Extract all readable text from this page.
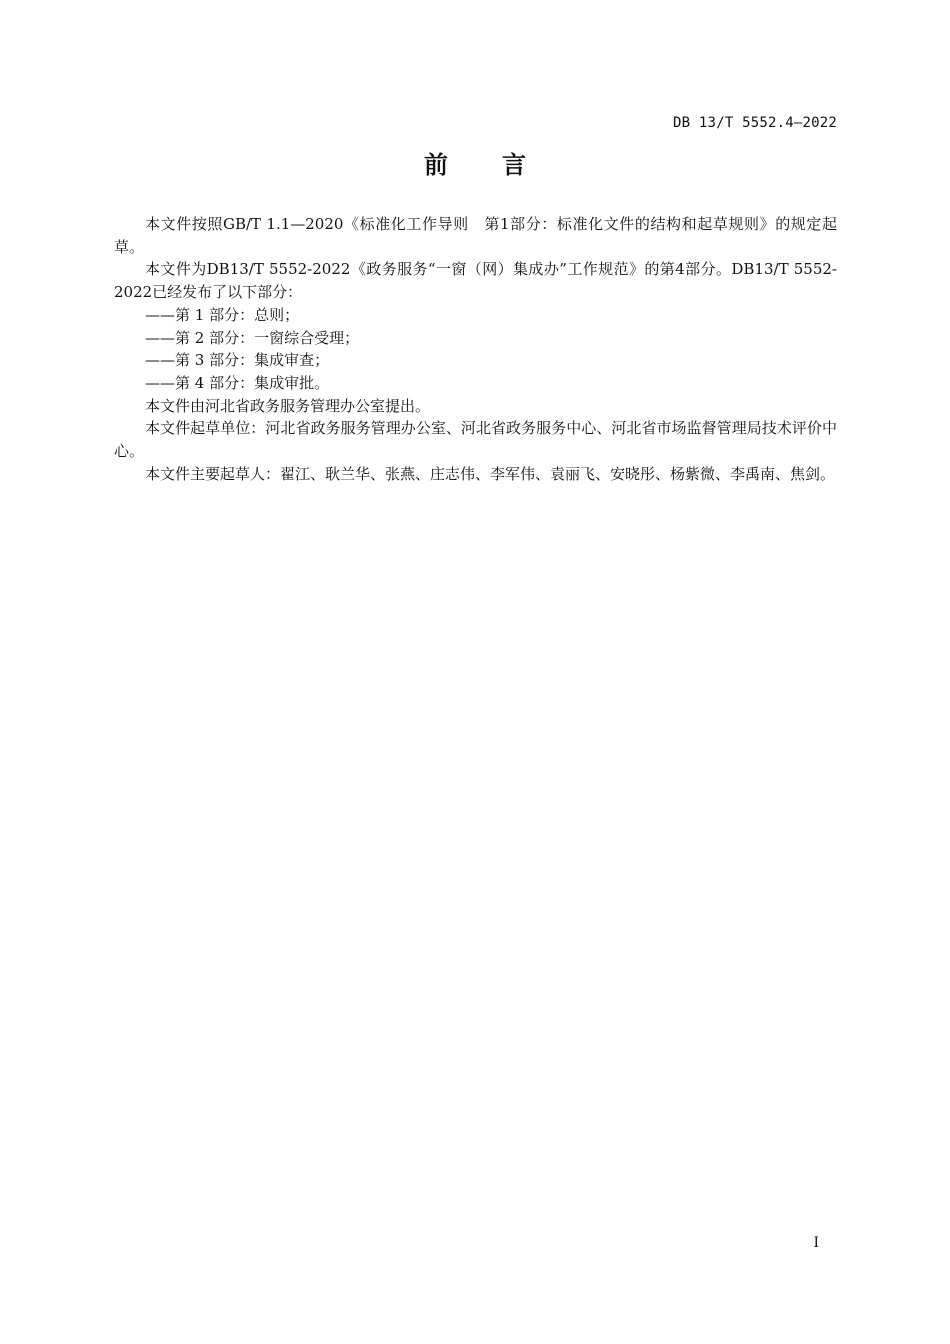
DB 13/T 5552.4—2022
前言

本文件按照GB/T 1.1—2020《标准化工作导则　第1部分：标准化文件的结构和起草规则》的规定起草。

本文件为DB13/T 5552-2022《政务服务“一窗（网）集成办”工作规范》的第4部分。DB13/T 5552-2022已经发布了以下部分：

——第 1 部分：总则；

——第 2 部分：一窗综合受理；

——第 3 部分：集成审查；

——第 4 部分：集成审批。

本文件由河北省政务服务管理办公室提出。

本文件起草单位：河北省政务服务管理办公室、河北省政务服务中心、河北省市场监督管理局技术评价中心。

本文件主要起草人：翟江、耿兰华、张燕、庄志伟、李军伟、袁丽飞、安晓彤、杨紫微、李禹南、焦剑。

I
